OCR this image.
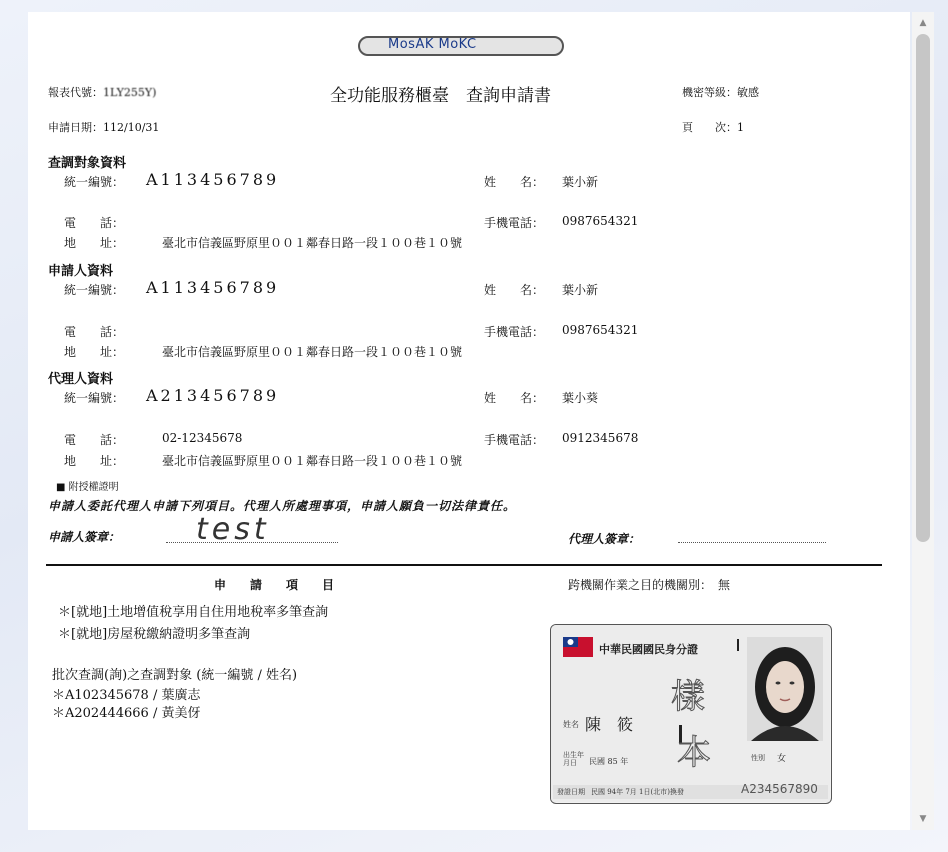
MosAK MoKC
報表代號：1LY255Y)	全功能服務櫃臺　查詢申請書	機密等級：敏感
申請日期：112/10/31	頁　　次：1
查調對象資料
統一編號： A113456789	姓　　名： 葉小新
電　　話：	手機電話： 0987654321
地　　址：	臺北市信義區野原里００１鄰春日路一段１００巷１０號
申請人資料
統一編號： A113456789	姓　　名： 葉小新
電　　話：	手機電話： 0987654321
地　　址：	臺北市信義區野原里００１鄰春日路一段１００巷１０號
代理人資料
統一編號： A213456789	姓　　名： 葉小葵
電　　話：	02-12345678	手機電話： 0912345678
地　　址：	臺北市信義區野原里００１鄰春日路一段１００巷１０號
■ 附授權證明
申請人委託代理人申請下列項目。代理人所處理事項，申請人願負一切法律責任。
申請人簽章：	test	代理人簽章：
申　　請　　項　　目	跨機關作業之目的機關別：　無
＊[就地]土地增值稅享用自住用地稅率多筆查詢
＊[就地]房屋稅繳納證明多筆查詢
批次查調(詢)之查調對象 (統一編號 / 姓名)
＊A102345678 / 葉廣志
＊A202444666 / 黃美伢
中華民國國民身分證
姓名 陳　筱
樣
本
出生年月日	民國 85 年	性別 女
發證日期 民國 94年 7月 1日(北市)換發	A234567890
▲
▼
